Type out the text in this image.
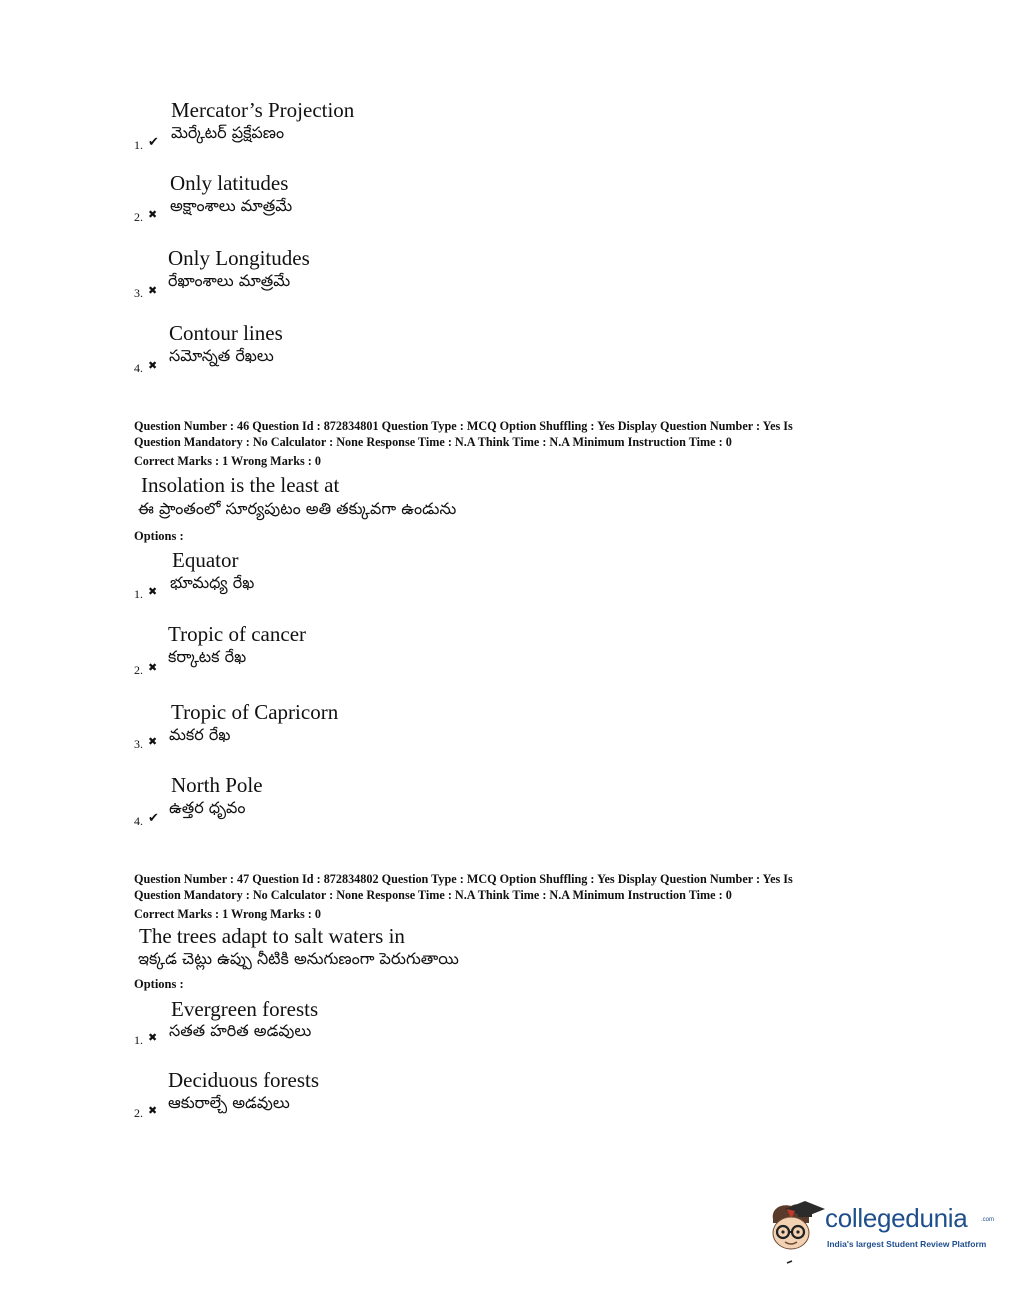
1. ✔
Mercator’s Projection
మెర్కేటర్ ప్రక్షేపణం
2. ✖
Only latitudes
అక్షాంశాలు మాత్రమే
3. ✖
Only Longitudes
రేఖాంశాలు మాత్రమే
4. ✖
Contour lines
సమోన్నత రేఖలు
Question Number : 46 Question Id : 872834801 Question Type : MCQ Option Shuffling : Yes Display Question Number : Yes Is
Question Mandatory : No Calculator : None Response Time : N.A Think Time : N.A Minimum Instruction Time : 0
Correct Marks : 1 Wrong Marks : 0
Insolation is the least at
ఈ ప్రాంతంలో సూర్యపుటం అతి తక్కువగా ఉండును
Options :
1. ✖
Equator
భూమధ్య రేఖ
2. ✖
Tropic of cancer
కర్కాటక రేఖ
3. ✖
Tropic of Capricorn
మకర రేఖ
4. ✔
North Pole
ఉత్తర ధృవం
Question Number : 47 Question Id : 872834802 Question Type : MCQ Option Shuffling : Yes Display Question Number : Yes Is
Question Mandatory : No Calculator : None Response Time : N.A Think Time : N.A Minimum Instruction Time : 0
Correct Marks : 1 Wrong Marks : 0
The trees adapt to salt waters in
ఇక్కడ చెట్లు ఉప్పు నీటికి అనుగుణంగా పెరుగుతాయి
Options :
1. ✖
Evergreen forests
సతత హరిత అడవులు
2. ✖
Deciduous forests
ఆకురాల్చే అడవులు
collegedunia .com
India's largest Student Review Platform
